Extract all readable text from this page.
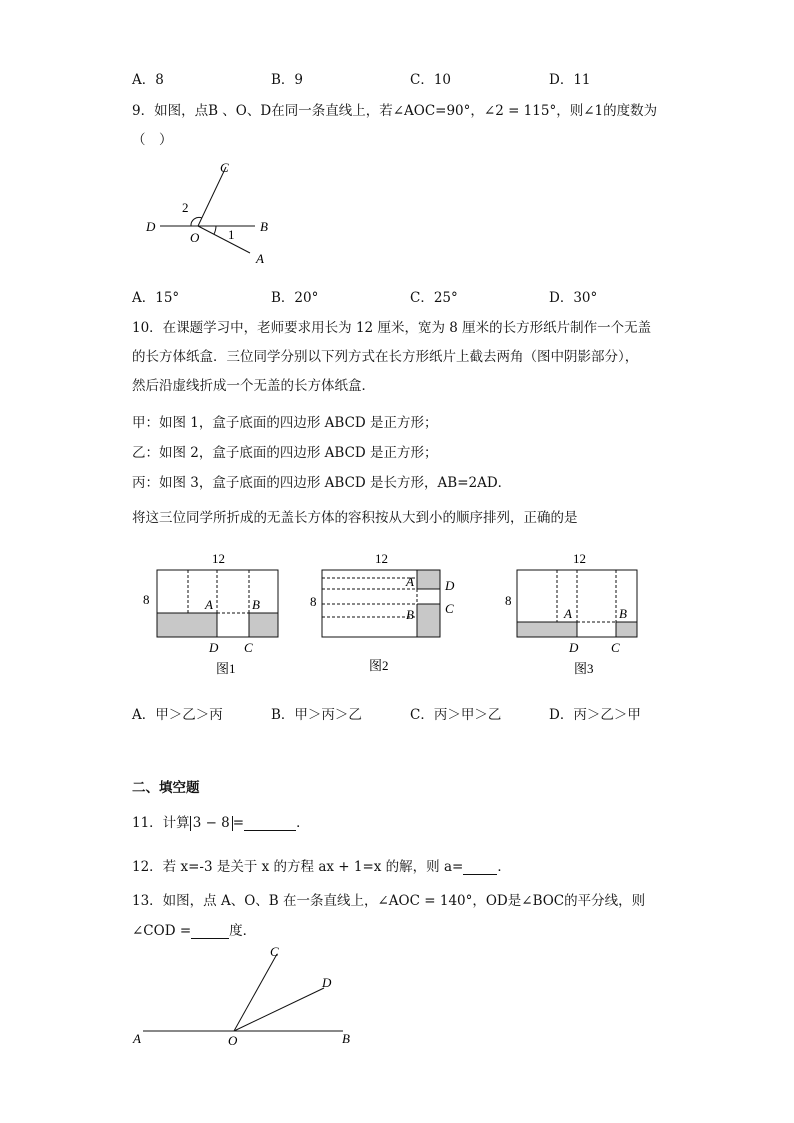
A．8	B．9	C．10	D．11
9．如图，点B 、O、D在同一条直线上，若∠AOC=90°，∠2 = 115°，则∠1的度数为
（　）
C
D
O
B
A
2
1
A．15°	B．20°	C．25°	D．30°
10．在课题学习中，老师要求用长为 12 厘米，宽为 8 厘米的长方形纸片制作一个无盖
的长方体纸盒．三位同学分别以下列方式在长方形纸片上截去两角（图中阴影部分），
然后沿虚线折成一个无盖的长方体纸盒．
甲：如图 1，盒子底面的四边形 ABCD 是正方形；
乙：如图 2，盒子底面的四边形 ABCD 是正方形；
丙：如图 3，盒子底面的四边形 ABCD 是长方形，AB=2AD．
将这三位同学所折成的无盖长方体的容积按从大到小的顺序排列，正确的是
12
8	A	B
D C
图1
12
8
A
B
D
C
图2
12
8
A	B
D	C
图3
A．甲＞乙＞丙	B．甲＞丙＞乙	C．丙＞甲＞乙	D．丙＞乙＞甲
二、填空题
11．计算 3 − 8 =	．
12．若 x=-3 是关于 x 的方程 ax + 1=x 的解，则 a=	．
13．如图，点 A、O、B 在一条直线上，∠AOC = 140°，OD是∠BOC的平分线，则
∠COD =	度．
C
D
A	O	B
